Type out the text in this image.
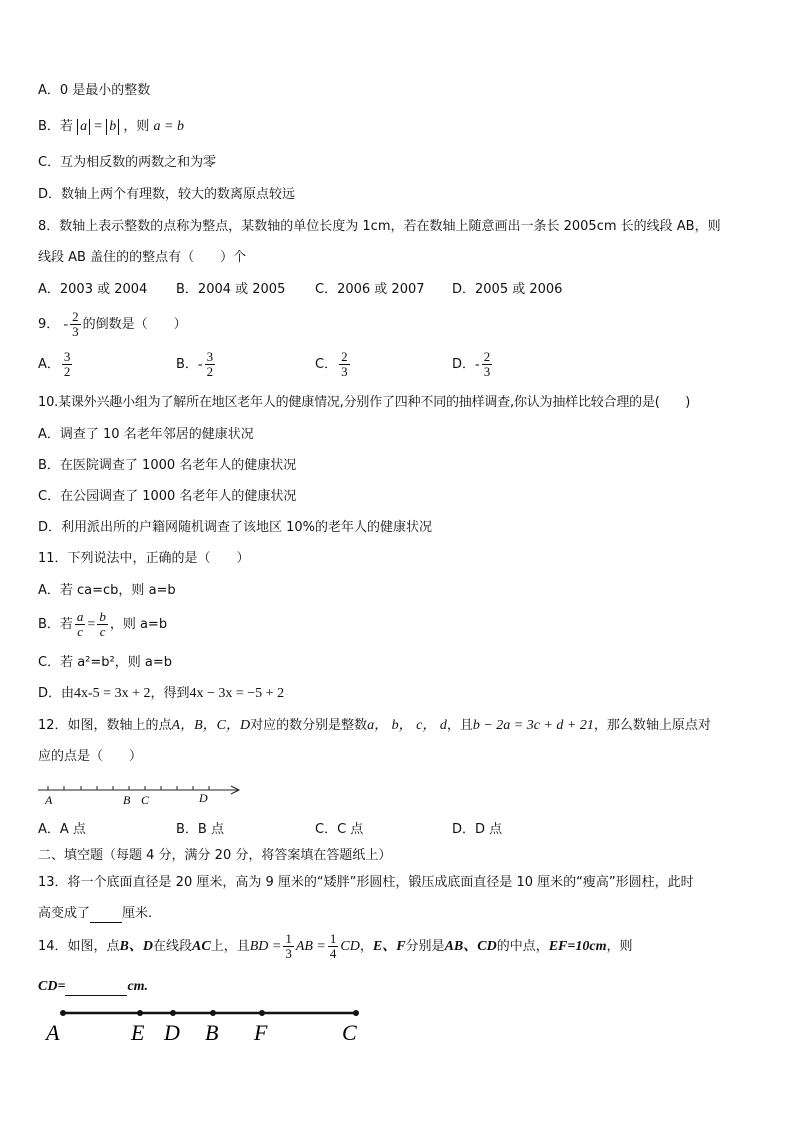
A．0 是最小的整数
B．若 a = b ，则 a = b
C．互为相反数的两数之和为零
D．数轴上两个有理数，较大的数离原点较远
8．数轴上表示整数的点称为整点，某数轴的单位长度为 1cm，若在数轴上随意画出一条长 2005cm 长的线段 AB，则
线段 AB 盖住的的整点有（　　）个
A．2003 或 2004 B．2004 或 2005 C．2006 或 2007 D．2005 或 2006
9． - $\frac{2}{3}$ 的倒数是（　　）
A． $\frac{3}{2}$	B．- $\frac{3}{2}$	C． $\frac{2}{3}$	D．- $\frac{2}{3}$
10.某课外兴趣小组为了解所在地区老年人的健康情况,分别作了四种不同的抽样调查,你认为抽样比较合理的是(　　)
A．调查了 10 名老年邻居的健康状况
B．在医院调查了 1000 名老年人的健康状况
C．在公园调查了 1000 名老年人的健康状况
D．利用派出所的户籍网随机调查了该地区 10%的老年人的健康状况
11．下列说法中，正确的是（　　）
A．若 ca=cb，则 a=b
B．若 $\frac{a}{c} = \frac{b}{c}$ ，则 a=b
C．若 a²=b²，则 a=b
D．由4x-5 = 3x + 2，得到4x − 3x = −5 + 2
12．如图，数轴上的点A，B，C，D对应的数分别是整数a， b， c， d，且b − 2a = 3c + d + 21，那么数轴上原点对
应的点是（　　）
A	B C	D
A．A 点	B．B 点	C．C 点	D．D 点
二、填空题（每题 4 分，满分 20 分，将答案填在答题纸上）
13．将一个底面直径是 20 厘米，高为 9 厘米的“矮胖”形圆柱，锻压成底面直径是 10 厘米的“瘦高”形圆柱，此时
高变成了 厘米.
14．如图，点B、D在线段AC上，且BD = $\frac{1}{3}$ AB = $\frac{1}{4}$ CD，E、F分别是AB、CD的中点，EF=10cm，则
CD=	cm.
A	E D B F	C
